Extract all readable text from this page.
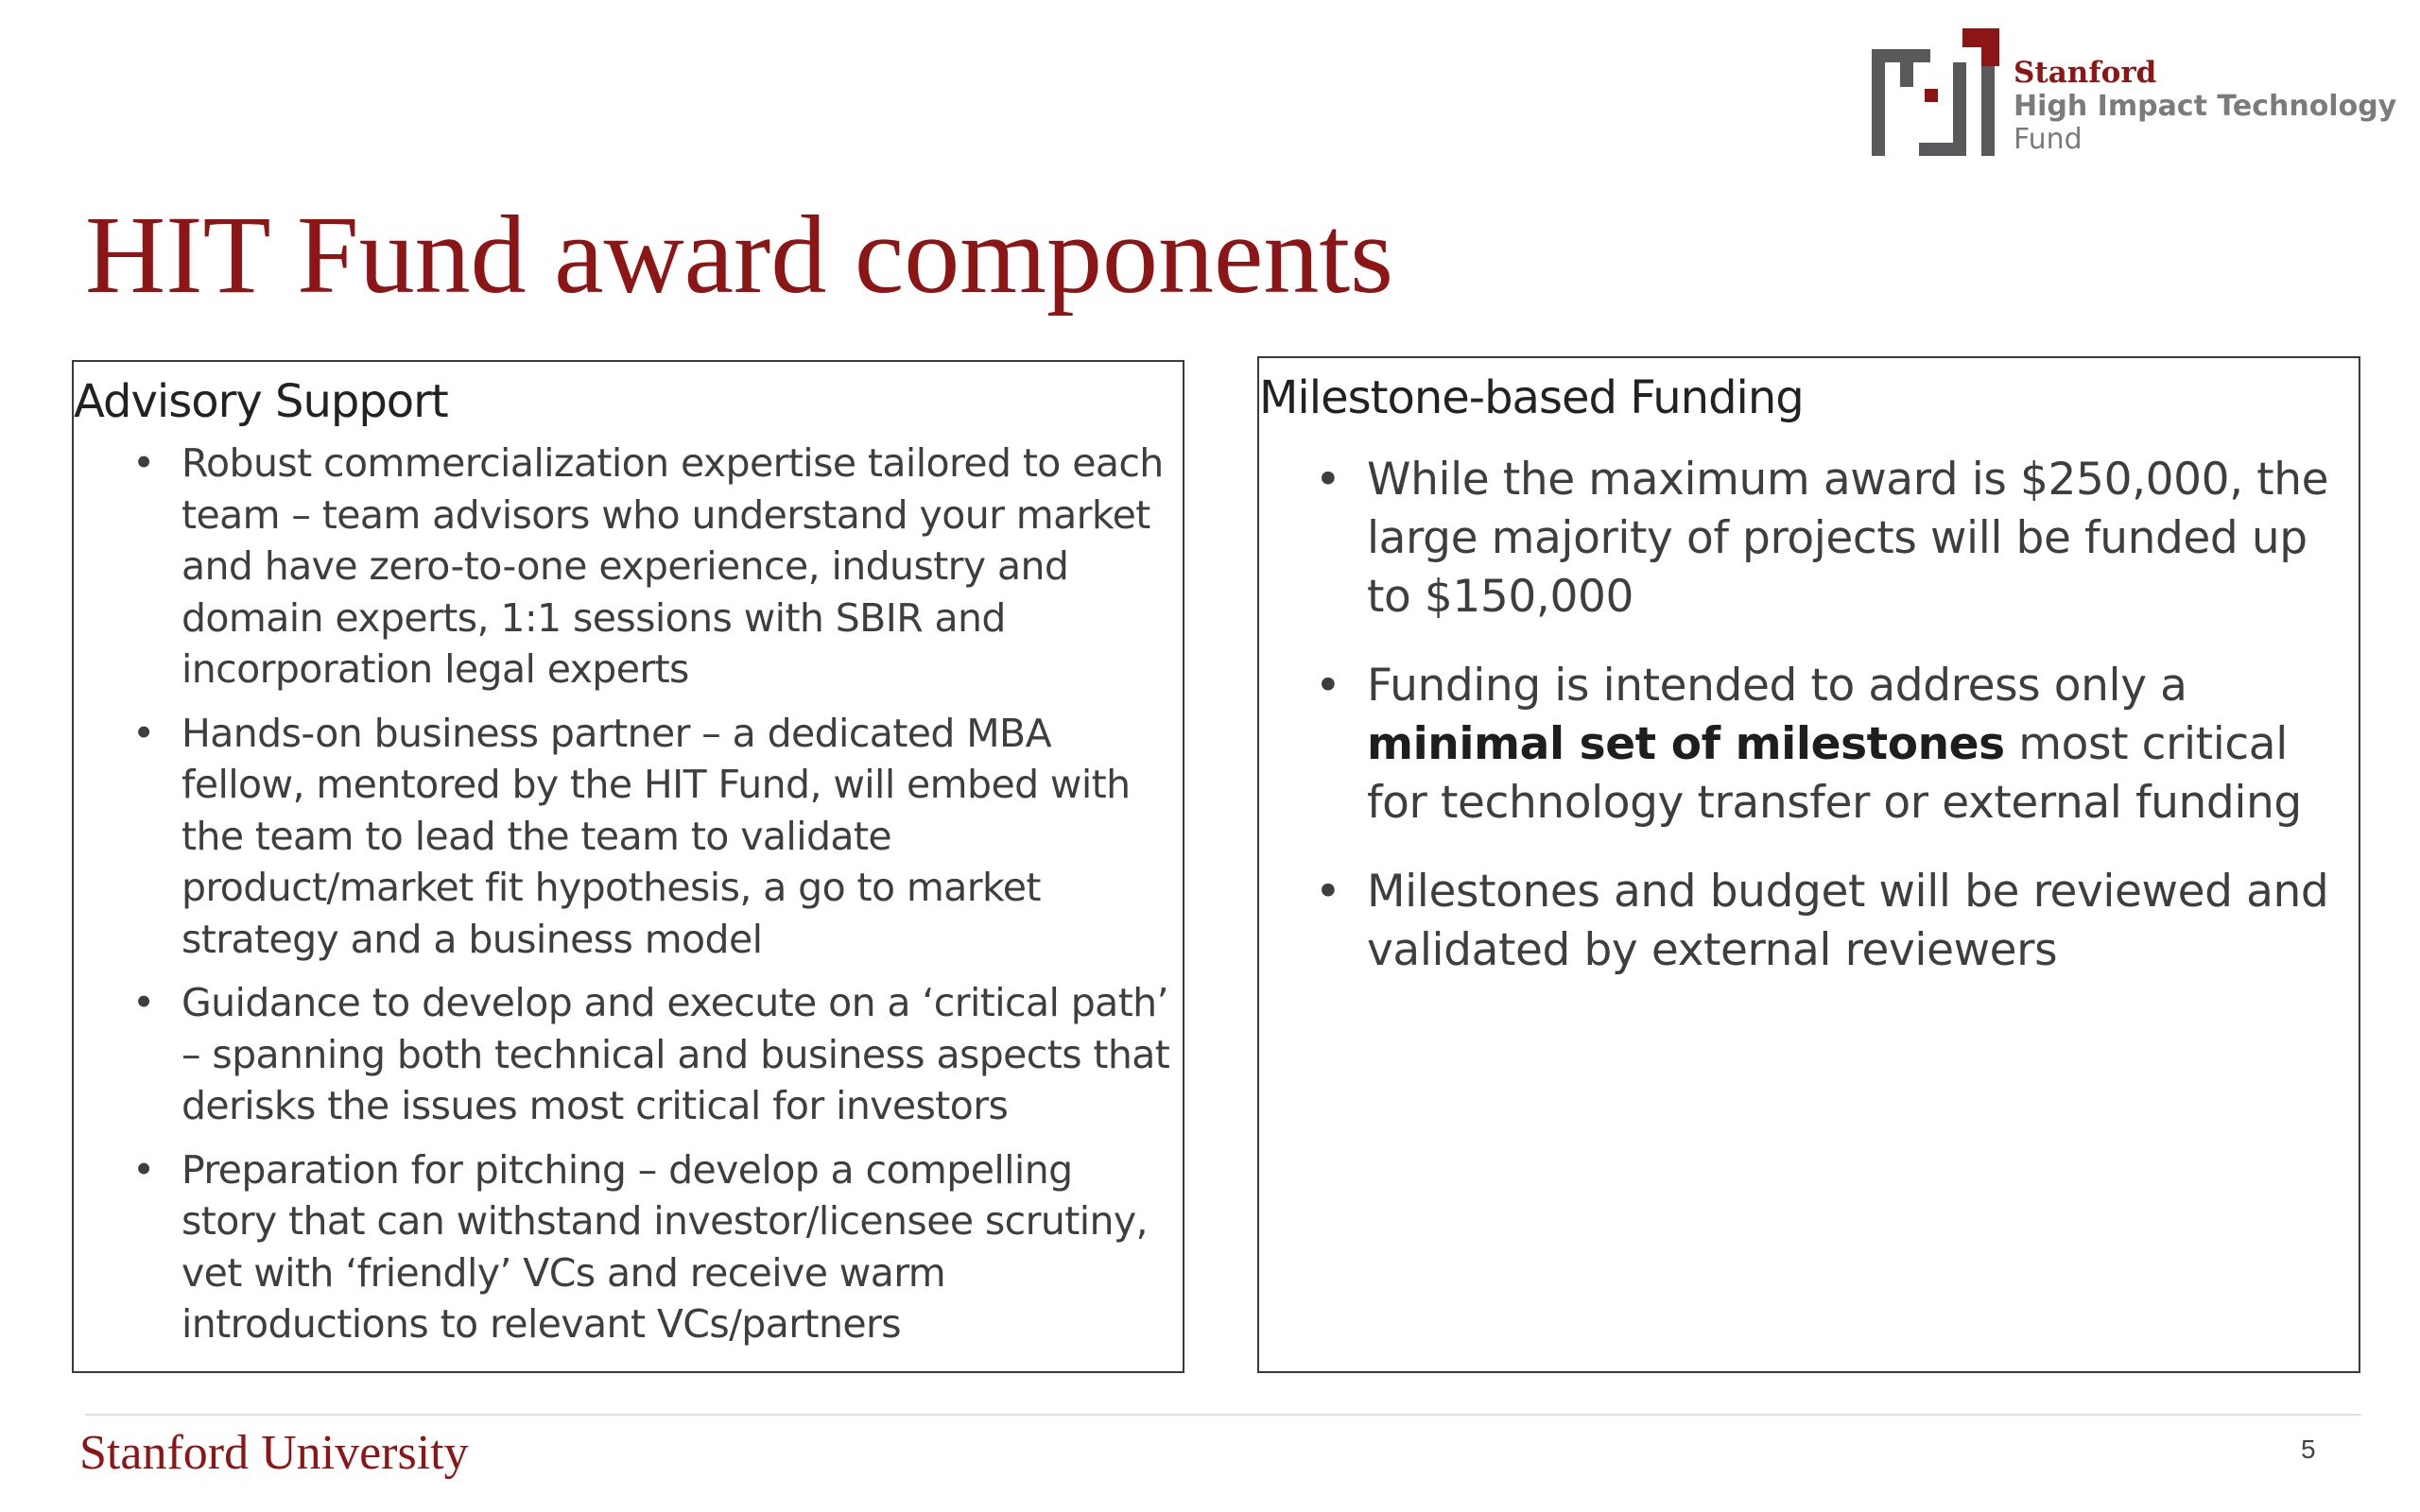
Stanford
High Impact Technology
Fund
HIT Fund award components
Advisory Support
• Robust commercialization expertise tailored to each team – team advisors who understand your market and have zero-to-one experience, industry and domain experts, 1:1 sessions with SBIR and incorporation legal experts
• Hands-on business partner – a dedicated MBA fellow, mentored by the HIT Fund, will embed with the team to lead the team to validate product/market fit hypothesis, a go to market strategy and a business model
• Guidance to develop and execute on a ‘critical path’ – spanning both technical and business aspects that derisks the issues most critical for investors
• Preparation for pitching – develop a compelling story that can withstand investor/licensee scrutiny, vet with ‘friendly’ VCs and receive warm introductions to relevant VCs/partners
Milestone-based Funding
• While the maximum award is $250,000, the large majority of projects will be funded up to $150,000
• Funding is intended to address only a minimal set of milestones most critical for technology transfer or external funding
• Milestones and budget will be reviewed and validated by external reviewers
Stanford University	5
